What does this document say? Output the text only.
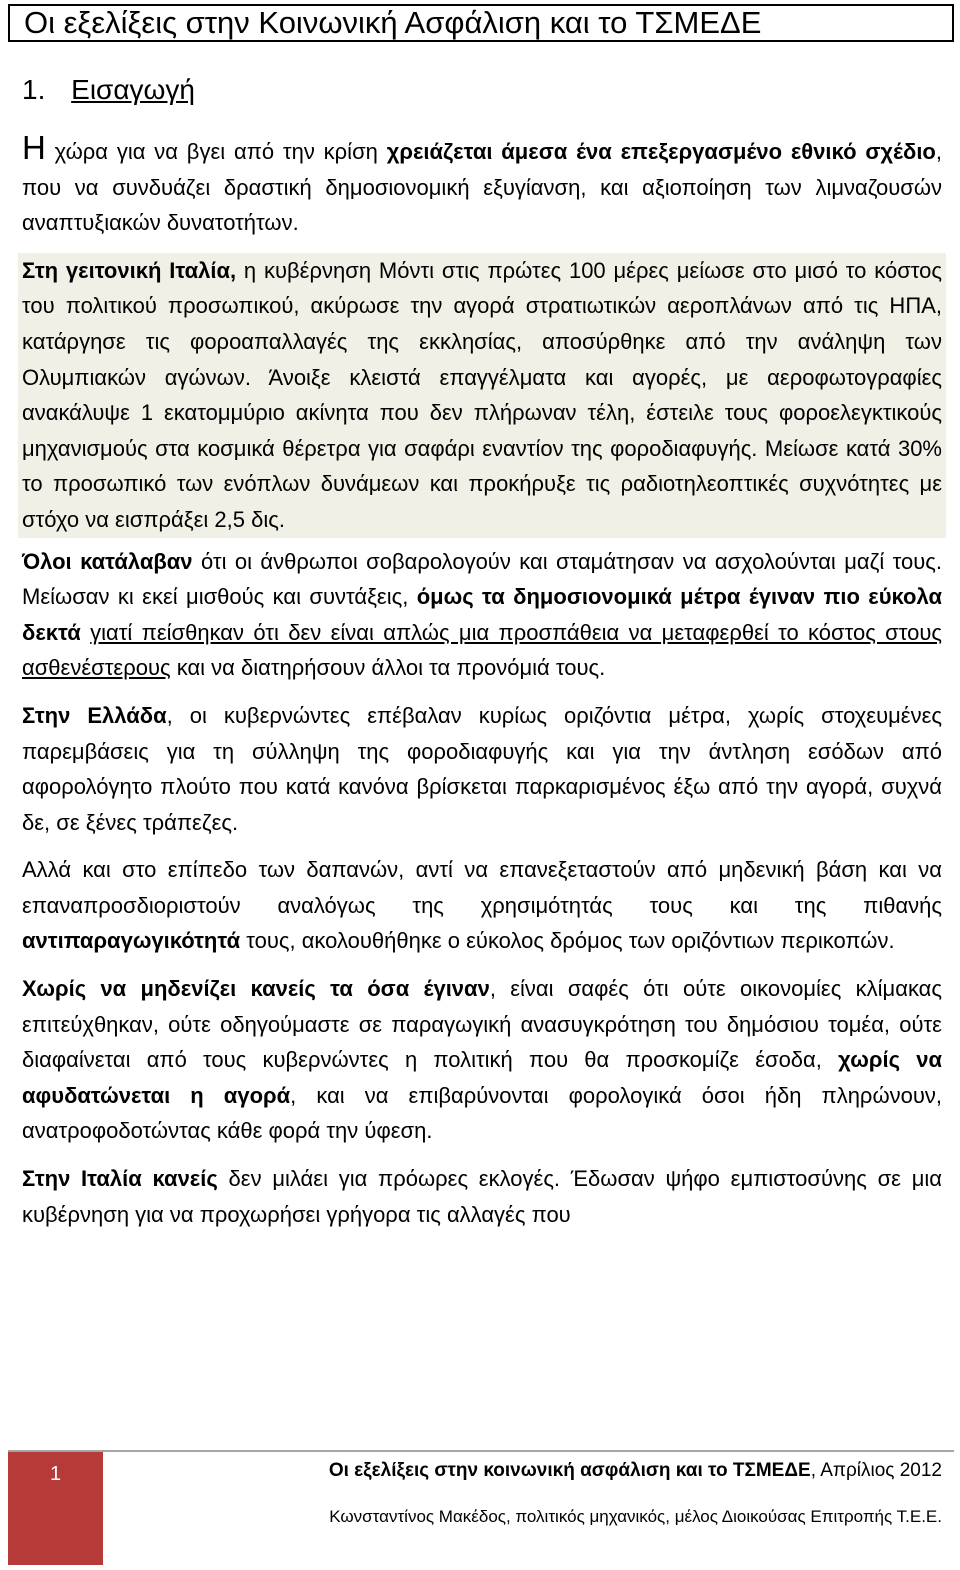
Οι εξελίξεις στην Κοινωνική Ασφάλιση και το ΤΣΜΕΔΕ
1. Εισαγωγή

Η χώρα για να βγει από την κρίση χρειάζεται άμεσα ένα επεξεργασμένο εθνικό σχέδιο, που να συνδυάζει δραστική δημοσιονομική εξυγίανση, και αξιοποίηση των λιμναζουσών αναπτυξιακών δυνατοτήτων.

Στη γειτονική Ιταλία, η κυβέρνηση Μόντι στις πρώτες 100 μέρες μείωσε στο μισό το κόστος του πολιτικού προσωπικού, ακύρωσε την αγορά στρατιωτικών αεροπλάνων από τις ΗΠΑ, κατάργησε τις φοροαπαλλαγές της εκκλησίας, αποσύρθηκε από την ανάληψη των Ολυμπιακών αγώνων. Άνοιξε κλειστά επαγγέλματα και αγορές, με αεροφωτογραφίες ανακάλυψε 1 εκατομμύριο ακίνητα που δεν πλήρωναν τέλη, έστειλε τους φοροελεγκτικούς μηχανισμούς στα κοσμικά θέρετρα για σαφάρι εναντίον της φοροδιαφυγής. Μείωσε κατά 30% το προσωπικό των ενόπλων δυνάμεων και προκήρυξε τις ραδιοτηλεοπτικές συχνότητες με στόχο να εισπράξει 2,5 δις.

Όλοι κατάλαβαν ότι οι άνθρωποι σοβαρολογούν και σταμάτησαν να ασχολούνται μαζί τους. Μείωσαν κι εκεί μισθούς και συντάξεις, όμως τα δημοσιονομικά μέτρα έγιναν πιο εύκολα δεκτά γιατί πείσθηκαν ότι δεν είναι απλώς μια προσπάθεια να μεταφερθεί το κόστος στους ασθενέστερους και να διατηρήσουν άλλοι τα προνόμιά τους.

Στην Ελλάδα, οι κυβερνώντες επέβαλαν κυρίως οριζόντια μέτρα, χωρίς στοχευμένες παρεμβάσεις για τη σύλληψη της φοροδιαφυγής και για την άντληση εσόδων από αφορολόγητο πλούτο που κατά κανόνα βρίσκεται παρκαρισμένος έξω από την αγορά, συχνά δε, σε ξένες τράπεζες.

Αλλά και στο επίπεδο των δαπανών, αντί να επανεξεταστούν από μηδενική βάση και να επαναπροσδιοριστούν αναλόγως της χρησιμότητάς τους και της πιθανής αντιπαραγωγικότητά τους, ακολουθήθηκε ο εύκολος δρόμος των οριζόντιων περικοπών.

Χωρίς να μηδενίζει κανείς τα όσα έγιναν, είναι σαφές ότι ούτε οικονομίες κλίμακας επιτεύχθηκαν, ούτε οδηγούμαστε σε παραγωγική ανασυγκρότηση του δημόσιου τομέα, ούτε διαφαίνεται από τους κυβερνώντες η πολιτική που θα προσκομίζε έσοδα, χωρίς να αφυδατώνεται η αγορά, και να επιβαρύνονται φορολογικά όσοι ήδη πληρώνουν, ανατροφοδοτώντας κάθε φορά την ύφεση.

Στην Ιταλία κανείς δεν μιλάει για πρόωρες εκλογές. Έδωσαν ψήφο εμπιστοσύνης σε μια κυβέρνηση για να προχωρήσει γρήγορα τις αλλαγές που

1	Οι εξελίξεις στην κοινωνική ασφάλιση και το ΤΣΜΕΔΕ, Απρίλιος 2012
Κωνσταντίνος Μακέδος, πολιτικός μηχανικός, μέλος Διοικούσας Επιτροπής Τ.Ε.Ε.
